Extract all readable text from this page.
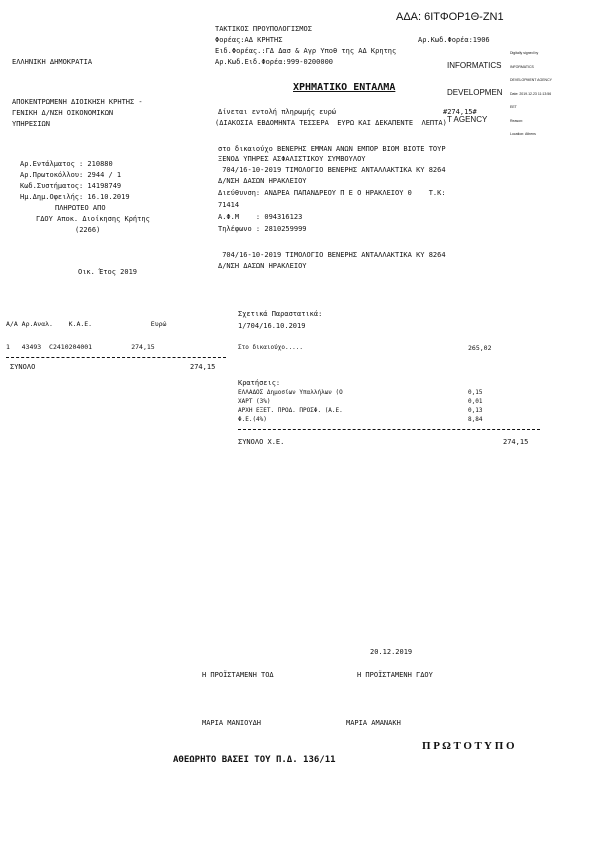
ΑΔΑ: 6ΙΤΦΟΡ1Θ-ΖΝ1
ΤΑΚΤΙΚΟΣ ΠΡΟΥΠΟΛΟΓΙΣΜΟΣ
Φορέας:ΑΔ ΚΡΗΤΗΣ	Αρ.Κωδ.Φορέα:1906
Ειδ.Φορέας.:ΓΔ Δασ & Αγρ Υποθ της ΑΔ Κρητης
Αρ.Κωδ.Ειδ.Φορέα:999-0200000
ΕΛΛΗΝΙΚΗ ΔΗΜΟΚΡΑΤΙΑ

	INFORMATICS

DEVELOPMEN

T AGENCY

Digitally signed by

INFORMATICS

DEVELOPMENT AGENCY

Date: 2019.12.23 11:13:56

EET

Reason:

Location: Athens

ΧΡΗΜΑΤΙΚΟ ΕΝΤΑΛΜΑ
ΑΠΟΚΕΝΤΡΩΜΕΝΗ ΔΙΟΙΚΗΣΗ ΚΡΗΤΗΣ -
ΓΕΝΙΚΗ Δ/ΝΣΗ ΟΙΚΟΝΟΜΙΚΩΝ
ΥΠΗΡΕΣΙΩΝ
Δίνεται εντολή πληρωμής ευρώ	#274,15#
(ΔΙΑΚΟΣΙΑ ΕΒΔΟΜΗΝΤΑ ΤΕΣΣΕΡΑ  ΕΥΡΩ ΚΑΙ ΔΕΚΑΠΕΝΤΕ  ΛΕΠΤΑ)
στο δικαιούχο ΒΕΝΕΡΗΣ ΕΜΜΑΝ ΑΝΩΝ ΕΜΠΟΡ ΒΙΟΜ ΒΙΟΤΕ ΤΟΥΡ
ΞΕΝΟΔ ΥΠΗΡΕΣ ΑΣΦΑΛΙΣΤΙΚΟΥ ΣΥΜΒΟΥΛΟΥ
704/16-10-2019 ΤΙΜΟΛΟΓΙΟ ΒΕΝΕΡΗΣ ΑΝΤΑΛΛΑΚΤΙΚΑ ΚΥ 8264
Δ/ΝΣΗ ΔΑΣΩΝ ΗΡΑΚΛΕΙΟΥ
Διεύθυνση: ΑΝΔΡΕΑ ΠΑΠΑΝΔΡΕΟΥ Π Ε Ο ΗΡΑΚΛΕΙΟΥ 0    Τ.Κ:
71414
Α.Φ.Μ    : 094316123
Τηλέφωνο : 2810259999
704/16-10-2019 ΤΙΜΟΛΟΓΙΟ ΒΕΝΕΡΗΣ ΑΝΤΑΛΛΑΚΤΙΚΑ ΚΥ 8264
Δ/ΝΣΗ ΔΑΣΩΝ ΗΡΑΚΛΕΙΟΥ
Αρ.Εντάλματος : 210880
Αρ.Πρωτοκόλλου: 2944 / 1
Κωδ.Συστήματος: 14198749
Ημ.Δημ.Οφειλής: 16.10.2019
ΠΛΗΡΩΤΕΟ ΑΠΟ
ΓΔΟΥ Αποκ. Διοίκησης Κρήτης
(2266)
Οικ. Έτος 2019
Α/Α Αρ.Αναλ.    Κ.Α.Ε.               Ευρώ
1   43493  C2410204001          274,15
ΣΥΝΟΛΟ	274,15
Σχετικά Παραστατικά:
1/704/16.10.2019
Στο δικαιούχο.....	265,02
Κρατήσεις:
ΕΛΛΑΔΟΣ Δημοσίων Υπαλλήλων (Ο	0,15
ΧΑΡΤ (3%)	0,01
ΑΡΧΗ ΕΞΕΤ. ΠΡΟΔ. ΠΡΟΣΦ. (Α.Ε.	0,13
Φ.Ε.(4%)	8,84
ΣΥΝΟΛΟ Χ.Ε.	274,15
20.12.2019
Η ΠΡΟΪΣΤΑΜΕΝΗ ΤΟΔ	Η ΠΡΟΪΣΤΑΜΕΝΗ ΓΔΟΥ
ΜΑΡΙΑ ΜΑΝΙΟΥΔΗ	ΜΑΡΙΑ ΑΜΑΝΑΚΗ
Π Ρ Ω Τ Ο Τ Υ Π Ο
ΑΘΕΩΡΗΤΟ ΒΑΣΕΙ ΤΟΥ Π.Δ. 136/11
